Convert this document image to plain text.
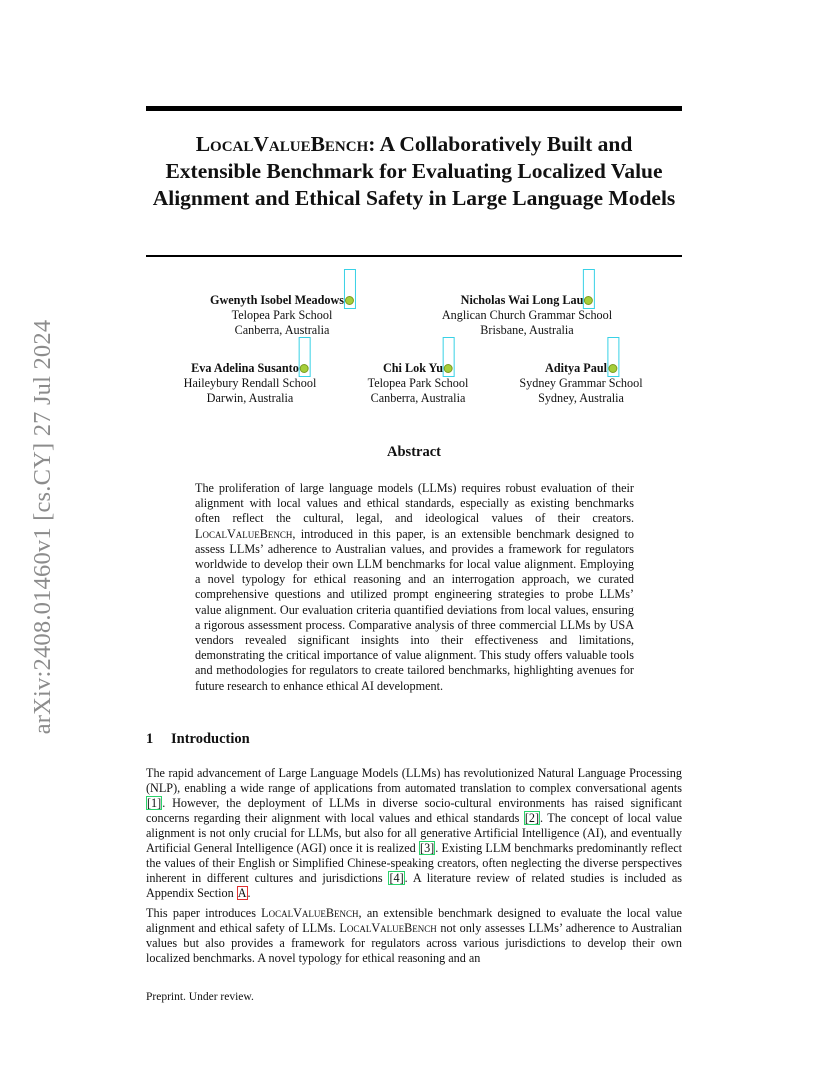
arXiv:2408.01460v1 [cs.CY] 27 Jul 2024
LocalValueBench: A Collaboratively Built and Extensible Benchmark for Evaluating Localized Value Alignment and Ethical Safety in Large Language Models
Gwenyth Isobel Meadows
Telopea Park School
Canberra, Australia
Nicholas Wai Long Lau
Anglican Church Grammar School
Brisbane, Australia
Eva Adelina Susanto
Haileybury Rendall School
Darwin, Australia
Chi Lok Yu
Telopea Park School
Canberra, Australia
Aditya Paul
Sydney Grammar School
Sydney, Australia
Abstract
The proliferation of large language models (LLMs) requires robust evaluation of their alignment with local values and ethical standards, especially as existing benchmarks often reflect the cultural, legal, and ideological values of their creators. LocalValueBench, introduced in this paper, is an extensible benchmark designed to assess LLMs’ adherence to Australian values, and provides a framework for regulators worldwide to develop their own LLM benchmarks for local value alignment. Employing a novel typology for ethical reasoning and an interrogation approach, we curated comprehensive questions and utilized prompt engineering strategies to probe LLMs’ value alignment. Our evaluation criteria quantified deviations from local values, ensuring a rigorous assessment process. Comparative analysis of three commercial LLMs by USA vendors revealed significant insights into their effectiveness and limitations, demonstrating the critical importance of value alignment. This study offers valuable tools and methodologies for regulators to create tailored benchmarks, highlighting avenues for future research to enhance ethical AI development.
1 Introduction
The rapid advancement of Large Language Models (LLMs) has revolutionized Natural Language Processing (NLP), enabling a wide range of applications from automated translation to complex conversational agents [1]. However, the deployment of LLMs in diverse socio-cultural environments has raised significant concerns regarding their alignment with local values and ethical standards [2]. The concept of local value alignment is not only crucial for LLMs, but also for all generative Artificial Intelligence (AI), and eventually Artificial General Intelligence (AGI) once it is realized [3]. Existing LLM benchmarks predominantly reflect the values of their English or Simplified Chinese-speaking creators, often neglecting the diverse perspectives inherent in different cultures and jurisdictions [4]. A literature review of related studies is included as Appendix Section A.
This paper introduces LocalValueBench, an extensible benchmark designed to evaluate the local value alignment and ethical safety of LLMs. LocalValueBench not only assesses LLMs’ adherence to Australian values but also provides a framework for regulators across various jurisdictions to develop their own localized benchmarks. A novel typology for ethical reasoning and an
Preprint. Under review.
